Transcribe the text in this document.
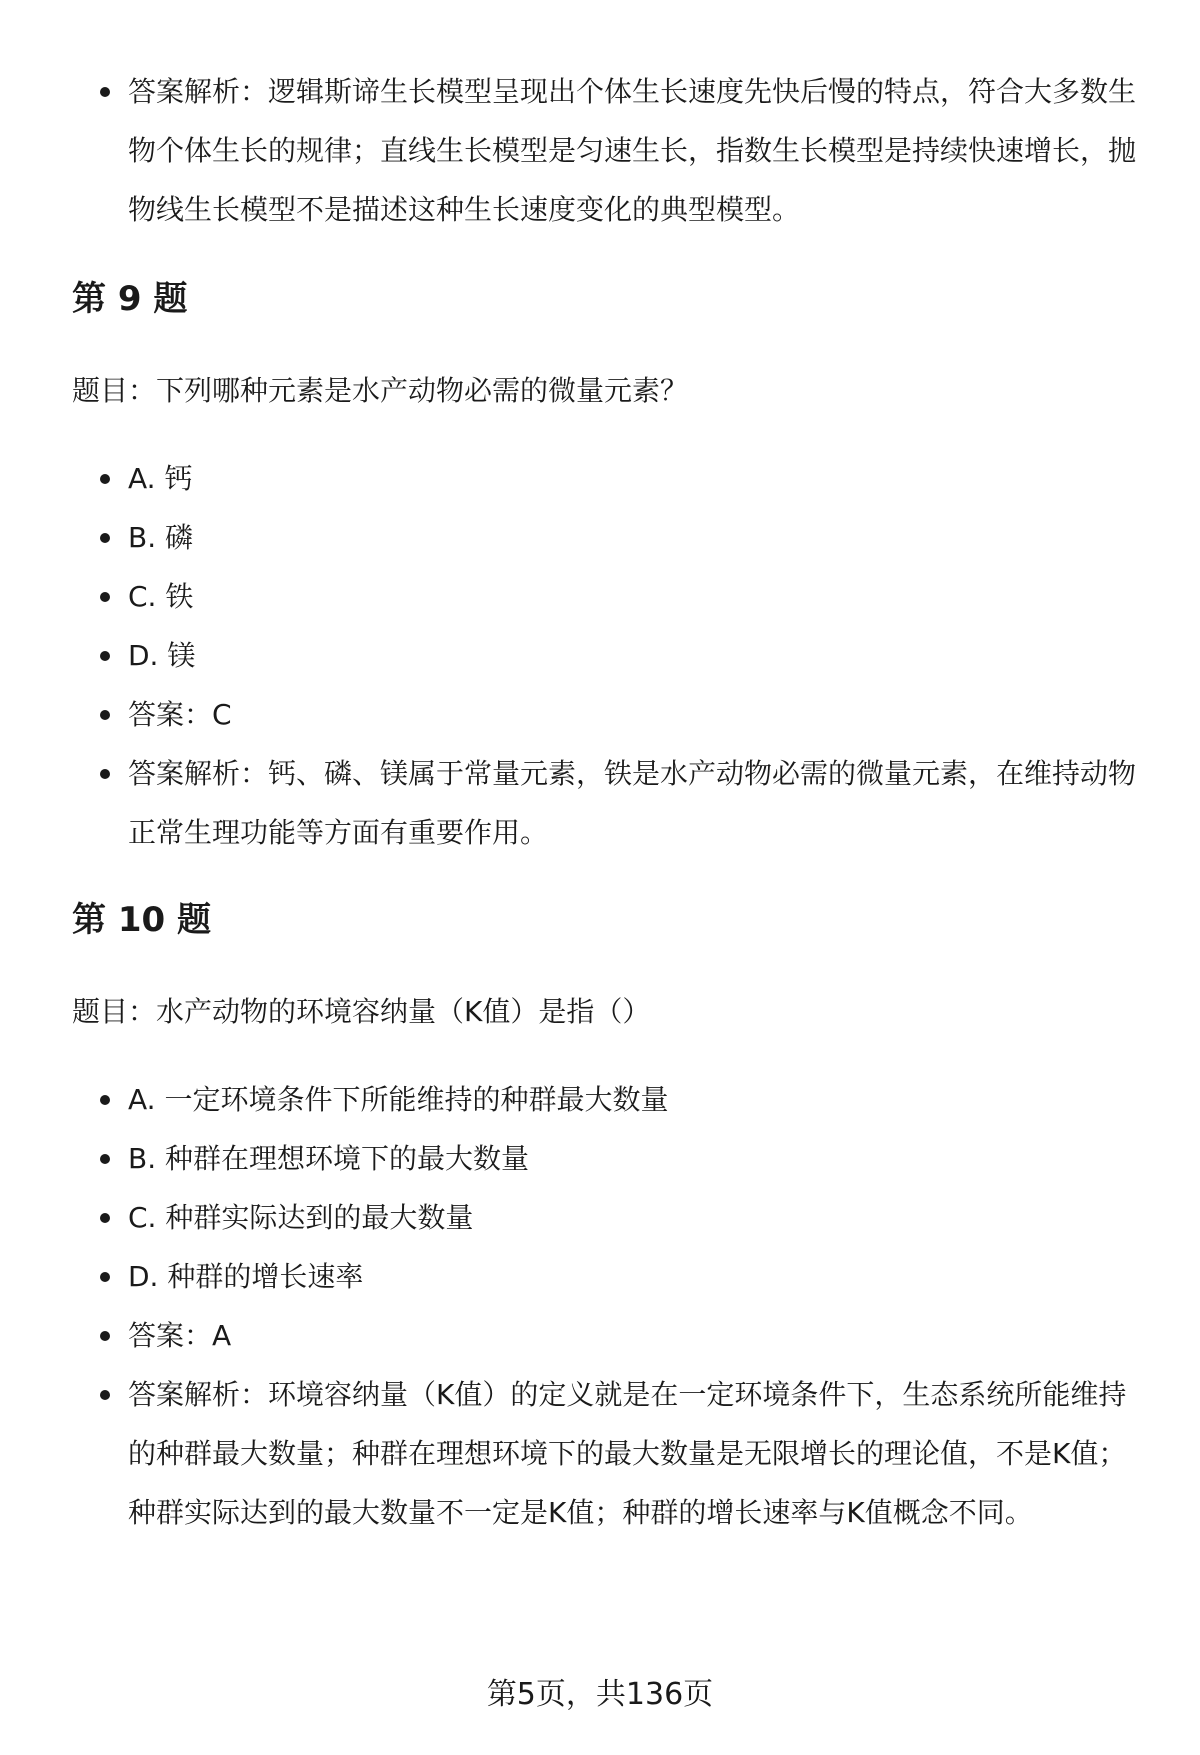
答案解析：逻辑斯谛生长模型呈现出个体生长速度先快后慢的特点，符合大多数生物个体生长的规律；直线生长模型是匀速生长，指数生长模型是持续快速增长，抛物线生长模型不是描述这种生长速度变化的典型模型。
第 9 题

题目：下列哪种元素是水产动物必需的微量元素？

A. 钙
B. 磷
C. 铁
D. 镁
答案：C
答案解析：钙、磷、镁属于常量元素，铁是水产动物必需的微量元素，在维持动物正常生理功能等方面有重要作用。
第 10 题

题目：水产动物的环境容纳量（K值）是指（）

A. 一定环境条件下所能维持的种群最大数量
B. 种群在理想环境下的最大数量
C. 种群实际达到的最大数量
D. 种群的增长速率
答案：A
答案解析：环境容纳量（K值）的定义就是在一定环境条件下，生态系统所能维持的种群最大数量；种群在理想环境下的最大数量是无限增长的理论值，不是K值；种群实际达到的最大数量不一定是K值；种群的增长速率与K值概念不同。
第5页，共136页
